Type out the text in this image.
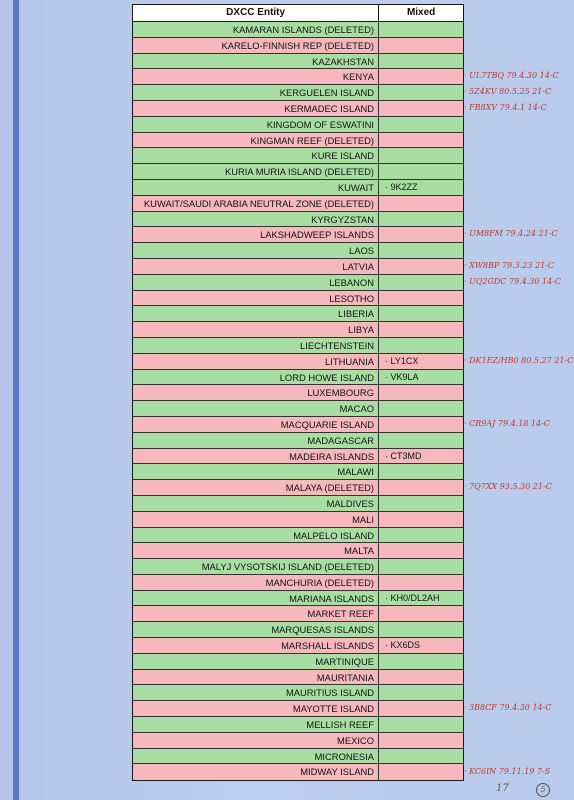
DXCC Entity	Mixed
KAMARAN ISLANDS (DELETED)
KARELO-FINNISH REP (DELETED)
KAZAKHSTAN
KENYA
KERGUELEN ISLAND
KERMADEC ISLAND
KINGDOM OF ESWATINI
KINGMAN REEF (DELETED)
KURE ISLAND
KURIA MURIA ISLAND (DELETED)
KUWAIT	· 9K2ZZ
KUWAIT/SAUDI ARABIA NEUTRAL ZONE (DELETED)
KYRGYZSTAN
LAKSHADWEEP ISLANDS
LAOS
LATVIA
LEBANON
LESOTHO
LIBERIA
LIBYA
LIECHTENSTEIN
LITHUANIA	· LY1CX
LORD HOWE ISLAND	· VK9LA
LUXEMBOURG
MACAO
MACQUARIE ISLAND
MADAGASCAR
MADEIRA ISLANDS	· CT3MD
MALAWI
MALAYA (DELETED)
MALDIVES
MALI
MALPELO ISLAND
MALTA
MALYJ VYSOTSKIJ ISLAND (DELETED)
MANCHURIA (DELETED)
MARIANA ISLANDS	· KH0/DL2AH
MARKET REEF
MARQUESAS ISLANDS
MARSHALL ISLANDS	· KX6DS
MARTINIQUE
MAURITANIA
MAURITIUS ISLAND
MAYOTTE ISLAND
MELLISH REEF
MEXICO
MICRONESIA
MIDWAY ISLAND
· UL7TBQ 79.4.30 14-C
· 5Z4KV 80.5.25 21-C
· FB8XV 79.4.1 14-C
· UM8FM 79.4.24 21-C
· XW8BP 79.3.23 21-C
· UQ2GDC 79.4.30 14-C
· DK1EZ/HB0 80.5.27 21-C
· CR9AJ 79.4.18 14-C
· 7Q7XX 93.5.30 21-C
· 3B8CF 79.4.30 14-C
· KC6IN 79.11.19 7-S
17	5
